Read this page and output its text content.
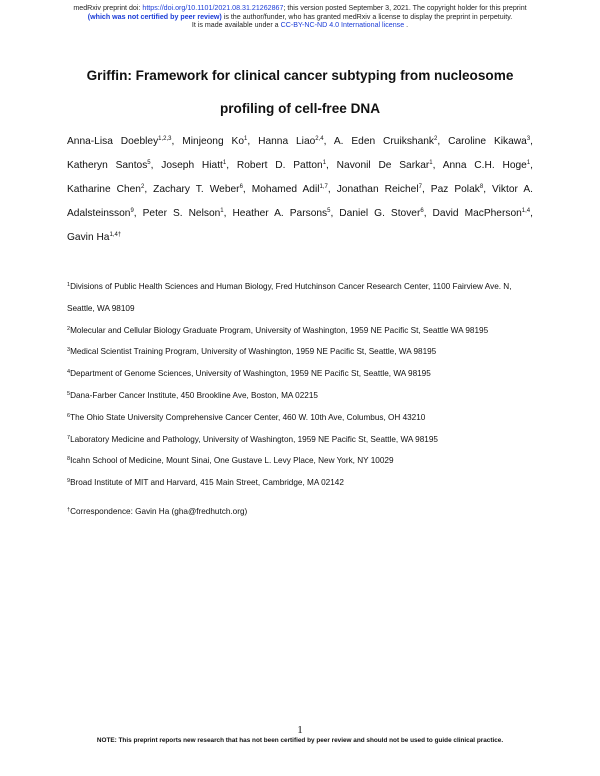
medRxiv preprint doi: https://doi.org/10.1101/2021.08.31.21262867; this version posted September 3, 2021. The copyright holder for this preprint
(which was not certified by peer review) is the author/funder, who has granted medRxiv a license to display the preprint in perpetuity.
It is made available under a CC-BY-NC-ND 4.0 International license .
Griffin: Framework for clinical cancer subtyping from nucleosome
profiling of cell-free DNA
Anna-Lisa Doebley$^{1,2,3}$, Minjeong Ko$^1$, Hanna Liao$^{2,4}$, A. Eden Cruikshank$^2$, Caroline Kikawa$^3$,
Katheryn Santos$^5$, Joseph Hiatt$^1$, Robert D. Patton$^1$, Navonil De Sarkar$^1$, Anna C.H. Hoge$^1$,
Katharine Chen$^2$, Zachary T. Weber$^6$, Mohamed Adil$^{1,7}$, Jonathan Reichel$^7$, Paz Polak$^8$, Viktor A.
Adalsteinsson$^9$, Peter S. Nelson$^1$, Heather A. Parsons$^5$, Daniel G. Stover$^6$, David MacPherson$^{1,4}$,
Gavin $Ha^{1,4\dagger}$
$^1$Divisions of Public Health Sciences and Human Biology, Fred Hutchinson Cancer Research Center, 1100 Fairview Ave. N, Seattle, WA 98109
$^2$Molecular and Cellular Biology Graduate Program, University of Washington, 1959 NE Pacific St, Seattle WA 98195
$^3$Medical Scientist Training Program, University of Washington, 1959 NE Pacific St, Seattle, WA 98195
$^4$Department of Genome Sciences, University of Washington, 1959 NE Pacific St, Seattle, WA 98195
$^5$Dana-Farber Cancer Institute, 450 Brookline Ave, Boston, MA 02215
$^6$The Ohio State University Comprehensive Cancer Center, 460 W. 10th Ave, Columbus, OH 43210
$^7$Laboratory Medicine and Pathology, University of Washington, 1959 NE Pacific St, Seattle, WA 98195
$^8$Icahn School of Medicine, Mount Sinai, One Gustave L. Levy Place, New York, NY 10029
$^9$Broad Institute of MIT and Harvard, 415 Main Street, Cambridge, MA 02142
†Correspondence: Gavin Ha (gha@fredhutch.org)
1
NOTE: This preprint reports new research that has not been certified by peer review and should not be used to guide clinical practice.
